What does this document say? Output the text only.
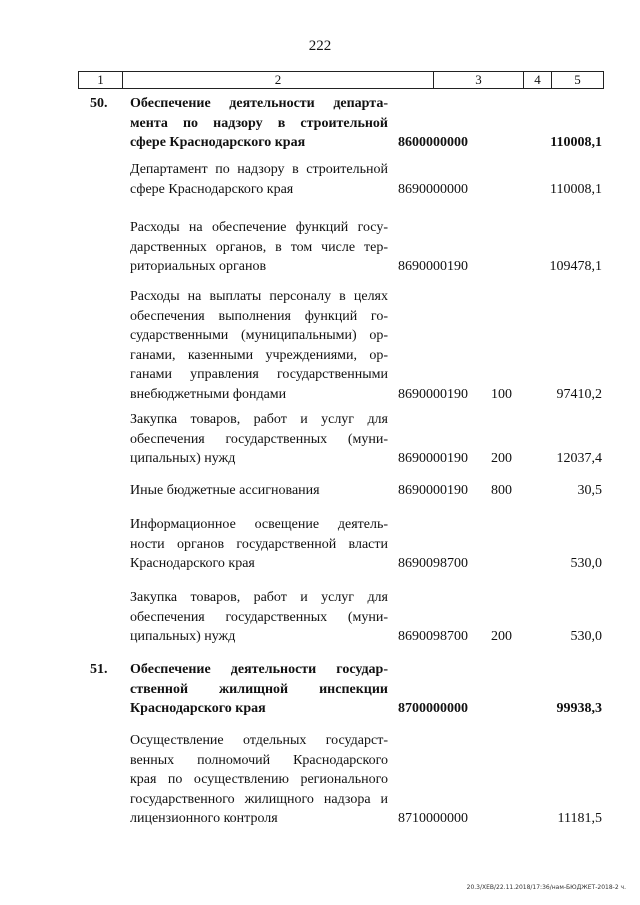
222
1	2	3	4	5
50. Обеспечение деятельности департа-
мента по надзору в строительной
сфере Краснодарского края	8600000000	110008,1
Департамент по надзору в строительной
сфере Краснодарского края	8690000000	110008,1
Расходы на обеспечение функций госу-
дарственных органов, в том числе тер-
риториальных органов	8690000190	109478,1
Расходы на выплаты персоналу в целях
обеспечения выполнения функций го-
сударственными (муниципальными) ор-
ганами, казенными учреждениями, ор-
ганами управления государственными
внебюджетными фондами	8690000190 100	97410,2
Закупка товаров, работ и услуг для
обеспечения государственных (муни-
ципальных) нужд	8690000190 200	12037,4
Иные бюджетные ассигнования	8690000190 800	30,5
Информационное освещение деятель-
ности органов государственной власти
Краснодарского края	8690098700	530,0
Закупка товаров, работ и услуг для
обеспечения государственных (муни-
ципальных) нужд	8690098700 200	530,0
51. Обеспечение деятельности государ-
ственной жилищной инспекции
Краснодарского края	8700000000	99938,3
Осуществление отдельных государст-
венных полномочий Краснодарского
края по осуществлению регионального
государственного жилищного надзора и
лицензионного контроля	8710000000	11181,5
20.3/XEB/22.11.2018/17:36/нам-БЮДЖЕТ-2018-2 ч.
